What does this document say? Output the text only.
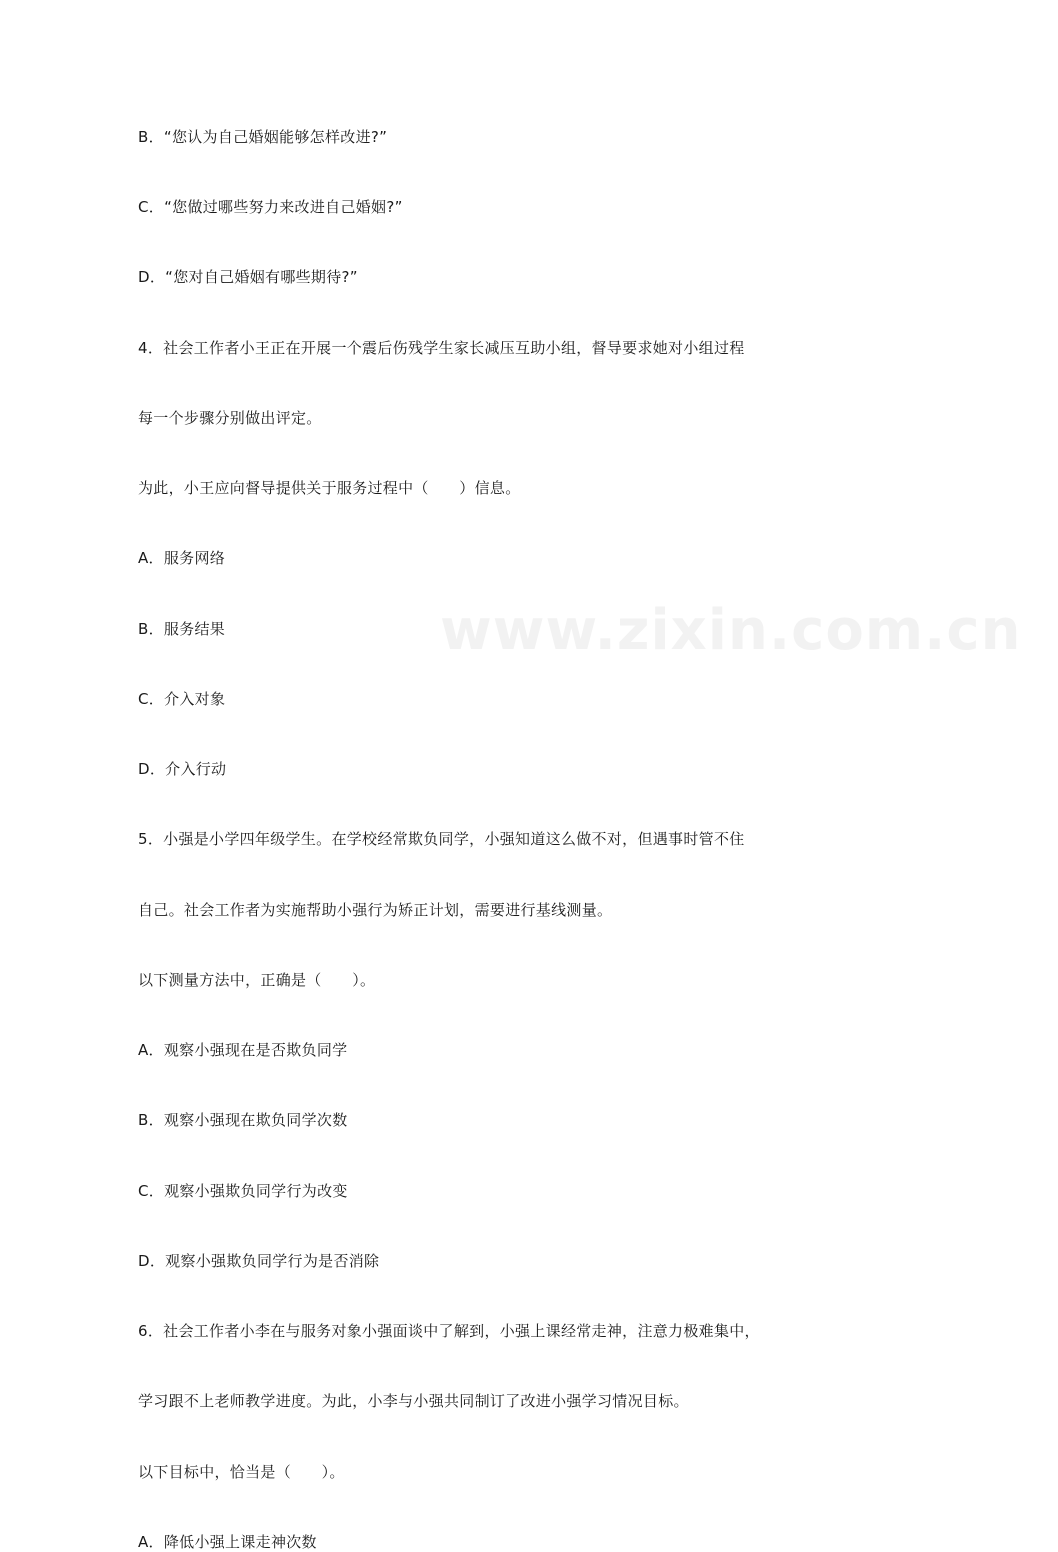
www.zixin.com.cn
B．“您认为自己婚姻能够怎样改进?”
C．“您做过哪些努力来改进自己婚姻?”
D．“您对自己婚姻有哪些期待?”
4．社会工作者小王正在开展一个震后伤残学生家长减压互助小组，督导要求她对小组过程
每一个步骤分别做出评定。
为此，小王应向督导提供关于服务过程中（　　）信息。
A．服务网络
B．服务结果
C．介入对象
D．介入行动
5．小强是小学四年级学生。在学校经常欺负同学，小强知道这么做不对，但遇事时管不住
自己。社会工作者为实施帮助小强行为矫正计划，需要进行基线测量。
以下测量方法中，正确是（　　）。
A．观察小强现在是否欺负同学
B．观察小强现在欺负同学次数
C．观察小强欺负同学行为改变
D．观察小强欺负同学行为是否消除
6．社会工作者小李在与服务对象小强面谈中了解到，小强上课经常走神，注意力极难集中，
学习跟不上老师教学进度。为此，小李与小强共同制订了改进小强学习情况目标。
以下目标中，恰当是（　　）。
A．降低小强上课走神次数
